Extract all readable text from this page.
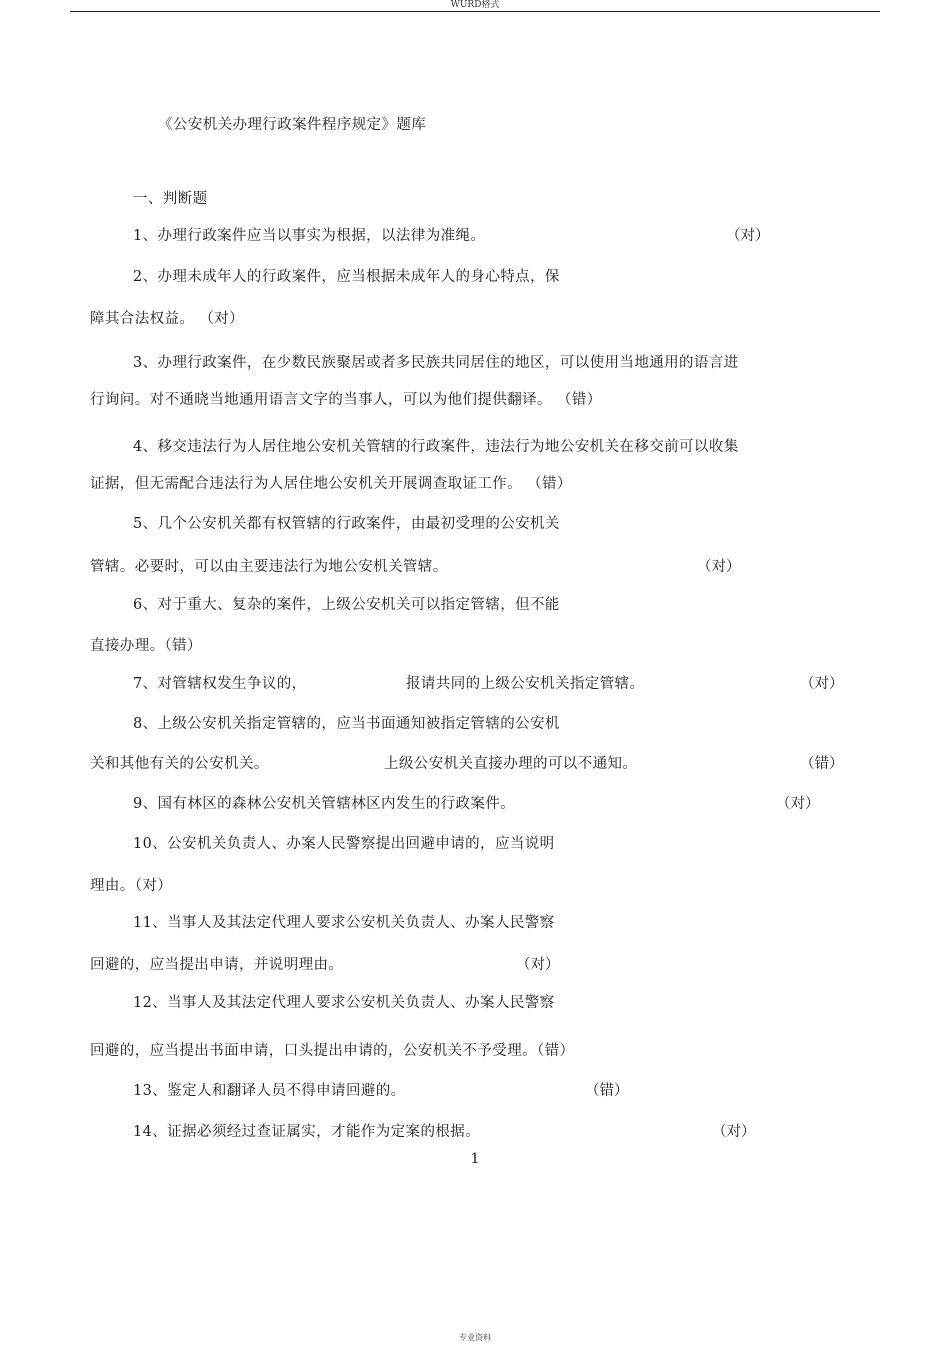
WURD格式
《公安机关办理行政案件程序规定》题库
一、判断题
1、办理行政案件应当以事实为根据，以法律为准绳。	（对）
2、办理未成年人的行政案件，应当根据未成年人的身心特点，保
障其合法权益。 （对）
3、办理行政案件，在少数民族聚居或者多民族共同居住的地区，可以使用当地通用的语言进
行询问。对不通晓当地通用语言文字的当事人，可以为他们提供翻译。 （错）
4、移交违法行为人居住地公安机关管辖的行政案件，违法行为地公安机关在移交前可以收集
证据，但无需配合违法行为人居住地公安机关开展调查取证工作。 （错）
5、几个公安机关都有权管辖的行政案件，由最初受理的公安机关
管辖。必要时，可以由主要违法行为地公安机关管辖。	（对）
6、对于重大、复杂的案件，上级公安机关可以指定管辖，但不能
直接办理。（错）
7、对管辖权发生争议的，	报请共同的上级公安机关指定管辖。	（对）
8、上级公安机关指定管辖的，应当书面通知被指定管辖的公安机
关和其他有关的公安机关。	上级公安机关直接办理的可以不通知。	（错）
9、国有林区的森林公安机关管辖林区内发生的行政案件。	（对）
10、公安机关负责人、办案人民警察提出回避申请的，应当说明
理由。（对）
11、当事人及其法定代理人要求公安机关负责人、办案人民警察
回避的，应当提出申请，并说明理由。	（对）
12、当事人及其法定代理人要求公安机关负责人、办案人民警察
回避的，应当提出书面申请，口头提出申请的，公安机关不予受理。（错）
13、鉴定人和翻译人员不得申请回避的。	（错）
14、证据必须经过查证属实，才能作为定案的根据。	（对）
1
专业资料
